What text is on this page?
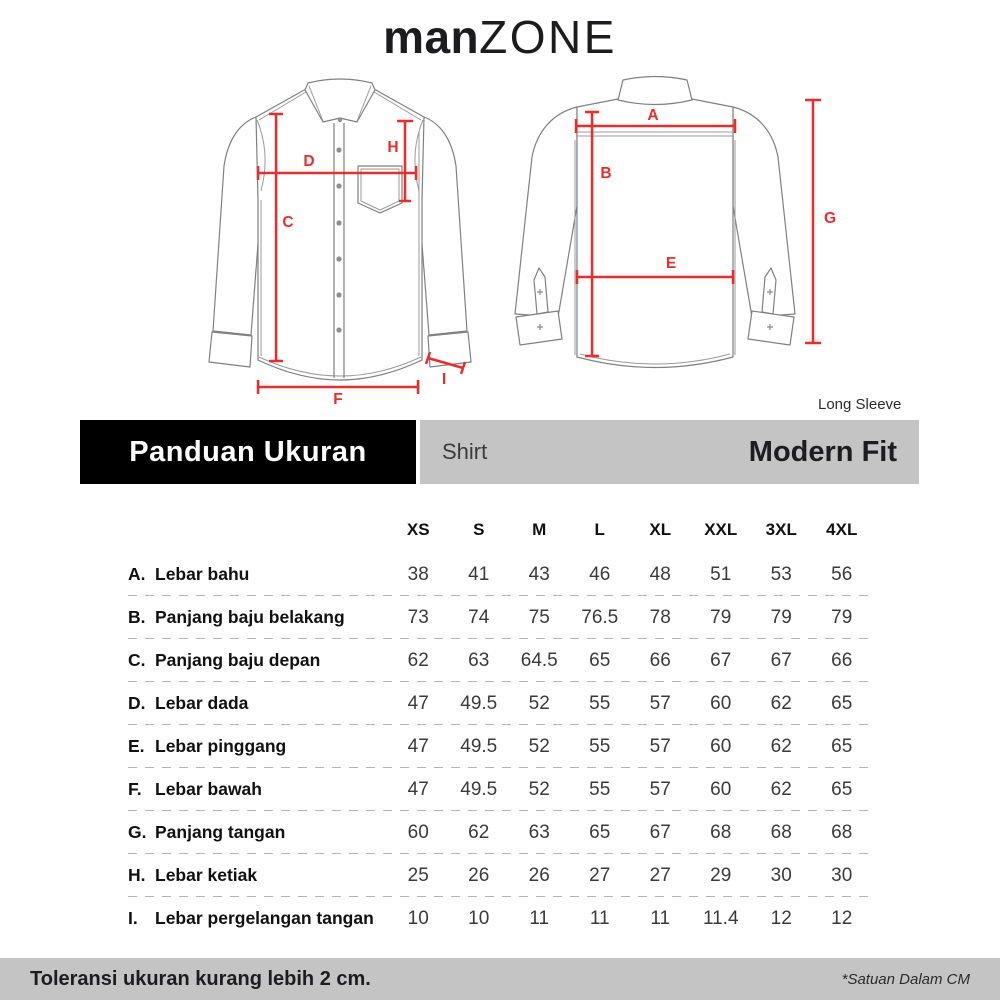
manZONE
D
H
C
F
I
A
B
E
G
Long Sleeve
Panduan Ukuran	Shirt	Modern Fit
XS	S	M	L	XL	XXL	3XL	4XL
A. Lebar bahu	38	41	43	46	48	51	53	56
B. Panjang baju belakang	73	74	75	76.5	78	79	79	79
C. Panjang baju depan	62	63	64.5	65	66	67	67	66
D. Lebar dada	47	49.5	52	55	57	60	62	65
E. Lebar pinggang	47	49.5	52	55	57	60	62	65
F. Lebar bawah	47	49.5	52	55	57	60	62	65
G. Panjang tangan	60	62	63	65	67	68	68	68
H. Lebar ketiak	25	26	26	27	27	29	30	30
I. Lebar pergelangan tangan	10	10	11	11	11	11.4	12	12
Toleransi ukuran kurang lebih 2 cm.	*Satuan Dalam CM
